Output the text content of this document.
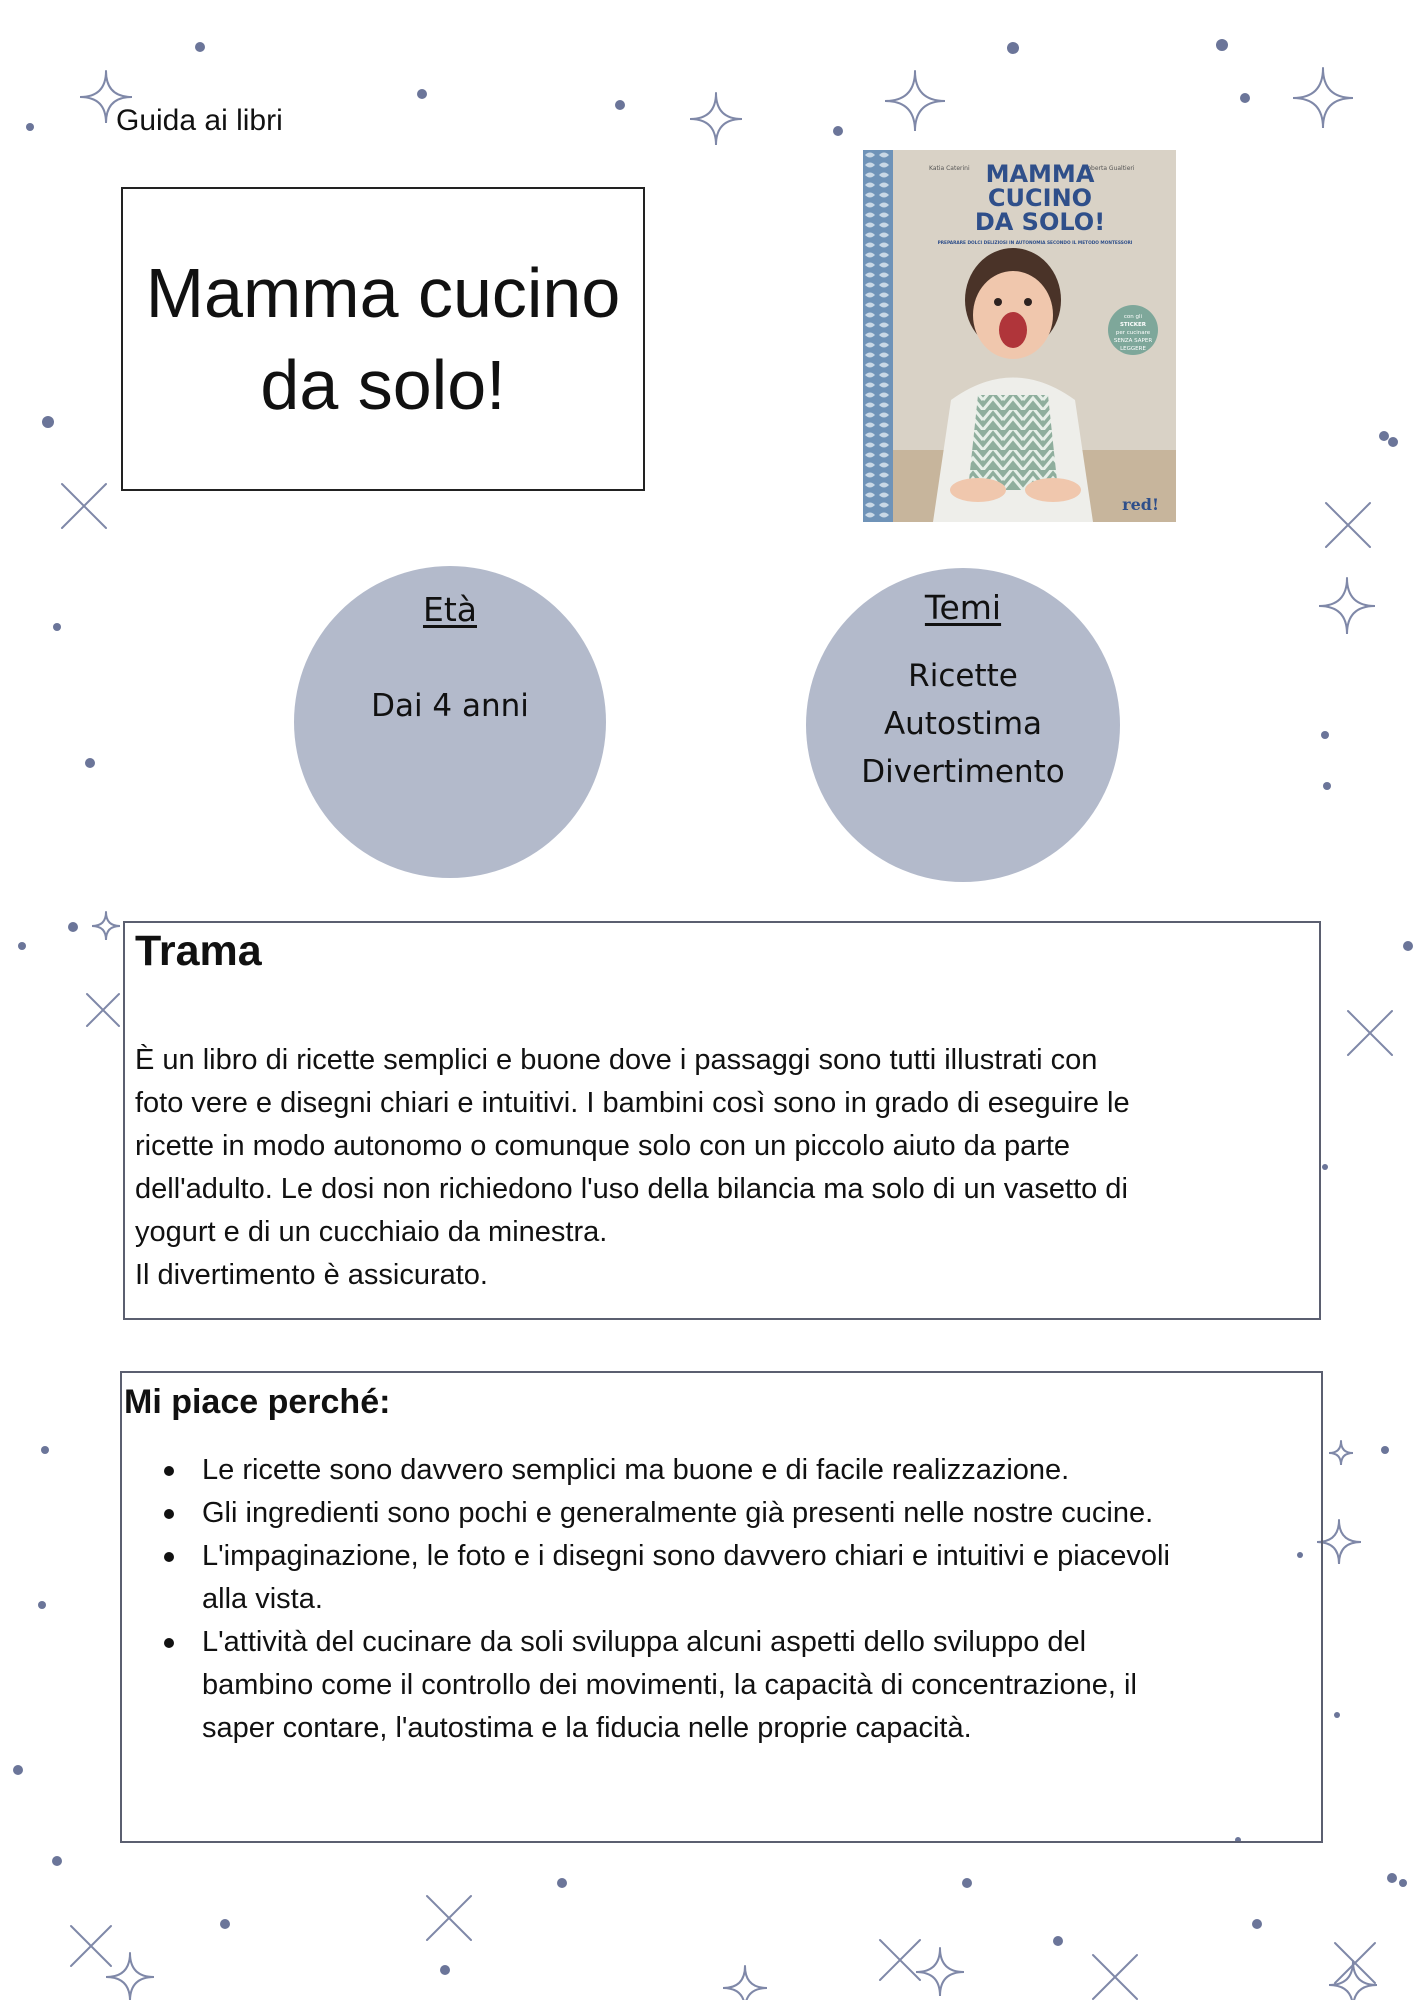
Guida ai libri
Mamma cucino
da solo!
con gli
STICKER
per cucinare
SENZA SAPER
LEGGERE
Katia Caterini	Roberta Gualtieri
MAMMA
CUCINO
DA SOLO!
PREPARARE DOLCI DELIZIOSI IN AUTONOMIA SECONDO IL METODO MONTESSORI
red!
Età
Dai 4 anni
Temi
Ricette
Autostima
Divertimento
Trama
È un libro di ricette semplici e buone dove i passaggi sono tutti illustrati con
foto vere e disegni chiari e intuitivi. I bambini così sono in grado di eseguire le
ricette in modo autonomo o comunque solo con un piccolo aiuto da parte
dell'adulto. Le dosi non richiedono l'uso della bilancia ma solo di un vasetto di
yogurt e di un cucchiaio da minestra.
Il divertimento è assicurato.
Mi piace perché:
Le ricette sono davvero semplici ma buone e di facile realizzazione.
Gli ingredienti sono pochi e generalmente già presenti nelle nostre cucine.
L'impaginazione, le foto e i disegni sono davvero chiari e intuitivi e piacevoli
alla vista.
L'attività del cucinare da soli sviluppa alcuni aspetti dello sviluppo del
bambino come il controllo dei movimenti, la capacità di concentrazione, il
saper contare, l'autostima e la fiducia nelle proprie capacità.
